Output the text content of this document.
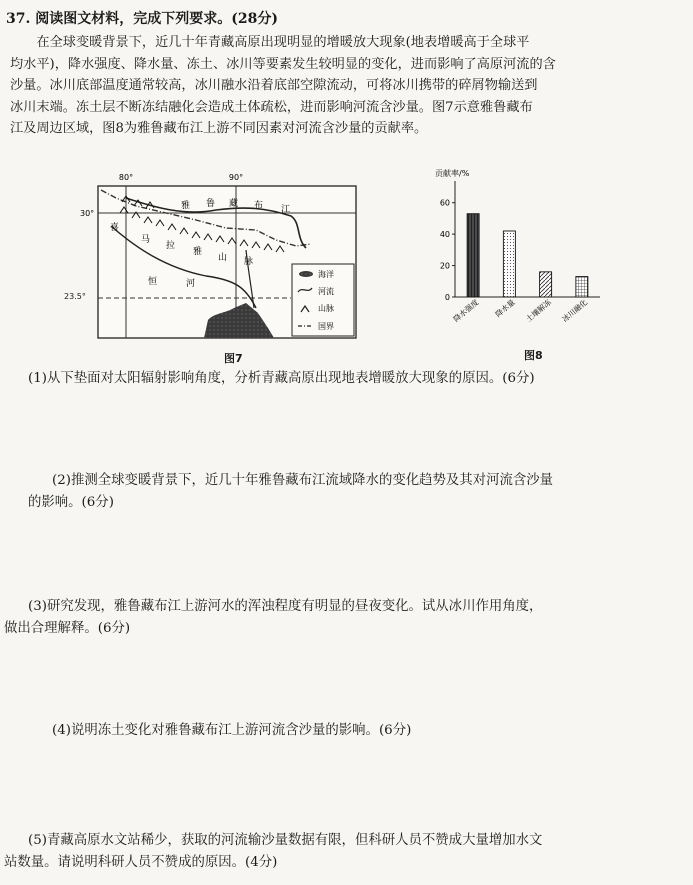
37. 阅读图文材料，完成下列要求。(28分)
在全球变暖背景下，近几十年青藏高原出现明显的增暖放大现象(地表增暖高于全球平
均水平)，降水强度、降水量、冻土、冰川等要素发生较明显的变化，进而影响了高原河流的含
沙量。冰川底部温度通常较高，冰川融水沿着底部空隙流动，可将冰川携带的碎屑物输送到
冰川末端。冻土层不断冻结融化会造成土体疏松，进而影响河流含沙量。图7示意雅鲁藏布
江及周边区域，图8为雅鲁藏布江上游不同因素对河流含沙量的贡献率。
80°	90°
30°
雅 鲁 藏 布 江
喜
马
拉
雅
山 脉
恒	河
海洋
河流
山脉
国界
图7
23.5°
贡献率/%
0
20
40
60
降水强度 降水量 土壤解冻 冰川融化
图8
(1)从下垫面对太阳辐射影响角度，分析青藏高原出现地表增暖放大现象的原因。(6分)
(2)推测全球变暖背景下，近几十年雅鲁藏布江流域降水的变化趋势及其对河流含沙量
的影响。(6分)
(3)研究发现，雅鲁藏布江上游河水的浑浊程度有明显的昼夜变化。试从冰川作用角度，
做出合理解释。(6分)
(4)说明冻土变化对雅鲁藏布江上游河流含沙量的影响。(6分)
(5)青藏高原水文站稀少，获取的河流输沙量数据有限，但科研人员不赞成大量增加水文
站数量。请说明科研人员不赞成的原因。(4分)
